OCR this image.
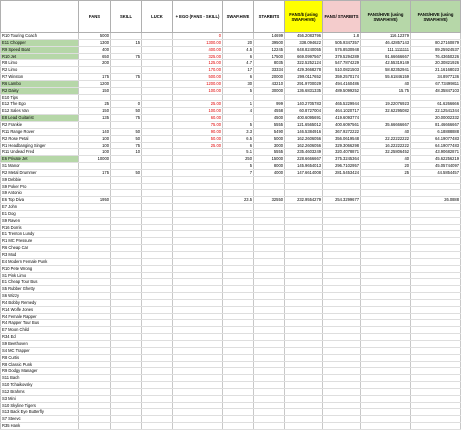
	FANS	SKILL	LUCK	+ EGO (FANS - SKILL)	SWAP.HIVE	STARBITS	FANS/$ (using SWAP.HIVE)	FANS/ STARBITS	FANS/HIVE (using SWAP.HIVE)	FANS/HIVE (using SWAP.HIVE)
R10 Touring Coach	5000			0		14699	456.2083796	1.8	116.12379	
E11 Chopper	1300	15		1300.00	20	39500	338.094622	505.9347357	46.42857143	80.27160879
R9 Speed Boat	400			400.00	4.5	12245	648.8240055	576.8530948	111.1111111	89.25924537
R10 Jet	650	75		325.00	6	17500	669.0997567	379.5294289	91.66666667	76.43650226
R8 Limo	200			125.00	4.7	8035	322.5252124	547.7874229	42.55319149	20.30821926
R2 Limo				170.00	17	33334	429.3668278	510.0821503	58.82352941	21.16168023
R7 Winston	175	75		500.00	6	20000	299.0117652	359.2570174	55.61846159	34.8977136
R6 Lambo	1200			1200.00	30	43210	291.9700029	494.4160486	40	67.73499811
R2 Daisy	150			100.00	5	30000	136.6831335	489.5099252	15.75	48.35847103
E10 Tips										
E12 The Ego	25	0		25.00	1	999	140.2705783	465.5229944	19.22076923	61.6266666
E12 Sales Van	150	50		100.00	4	4558	60.8727004	464.1020717	32.62295082	22.12541344
E8 Lead Guitarist	135	75		60.00		4500	400.6095691	419.6093774		20.00002332
R2 Frankie				75.00	5	5555	121.6565012	400.6097561	35.66666667	81.46666667
R11 Range Rover	140	50		90.00	3.3	5490	146.5384916	367.9272222	40	6.18888888
R2 Rose Petal	100	50		50.00	6.5	5000	162.2606056	356.0619548	22.22222222	64.19077483
R1 Headbanging Singer	100	75		25.00	6	3000	162.2606056	329.3066298	16.22222222	64.19077483
R11 Undead Fred	100	10			5.1	5555	235.4603249	320.4078871	32.25806452	43.90682871
E6 Private Jet	10000				250	15000	228.6666667	375.3245364	40	45.62256219
S1 Manor					5	8000	145.9654013	296.7102957	20	45.05744097
R2 Metal Drummer	175	50			7	4000	147.6614008	281.5453424	25	44.5854457
S9 Debbie										
S9 Poker Pro										
S9 Antonio										
E6 Top Diva	1950				23.5	32550	232.9554279	254.3299677		26.0888
E7 John										
E1 Dog										
S9 Raven										
R16 Dorris										
E1 Trenton Lundy										
R1 MC Pressure										
R6 Cheap Car										
R3 Mod										
E4 Modern Female Punk										
R10 Pete Wrong										
S1 Pink Limo										
E1 Cheap Tour Bus										
S5 Rubber Ghetty										
S6 Wizzy										
R4 Bobby Remedy										
R14 Wolfe Jones										
R4 Female Rapper										
R4 Rapper Tour Bus										
E7 Moon Child										
R34 Ed										
S9 Beethoven										
S4 MC Trapper										
R8 Curtis										
R8 Classic Punk										
R9 Dodgy Manager										
S11 Bach										
S10 Tchaikovsky										
S12 Brahms										
S3 Mini										
S10 Skyline Tigers										
S13 Back Eye Butterfly										
S7 Steevc										
R35 Hank										
